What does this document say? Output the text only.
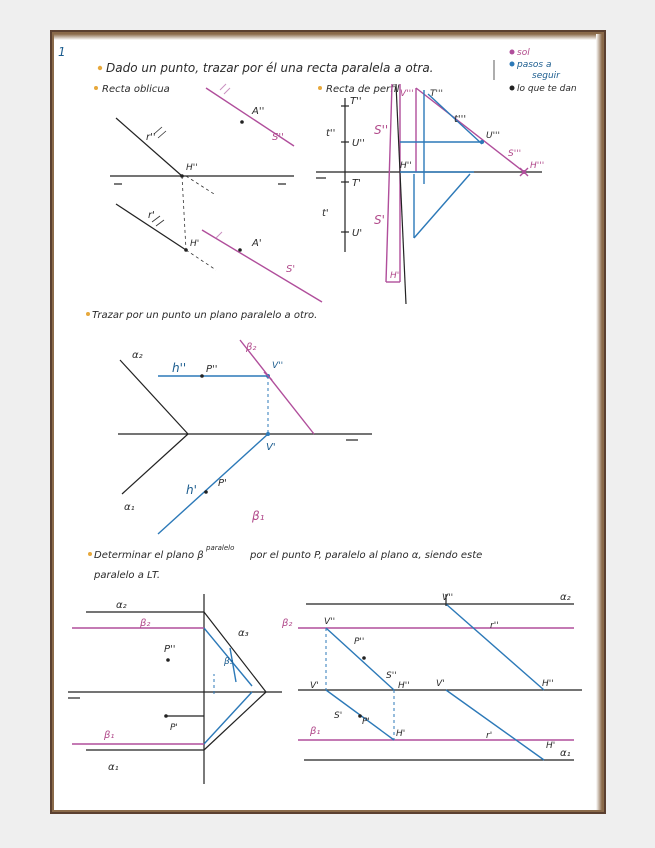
1
Dado un punto, trazar por él una recta paralela a otra.
sol
pasos a
seguir
lo que te dan
Recta oblicua
r''
A''
S''
H''
r'
H'	A'
S'
Recta de perfil
T''
T'''
V'''
t''
t'''
S''
U''
U'''
S'''
H'''
H''
T'
t'	S'
U'
H'
Trazar por un punto un plano paralelo a otro.
α₂
β₂
h'' P''	V''
V'
h' P'
α₁
β₁
Determinar el plano β
paralelo
por el punto P, paralelo al plano α, siendo este
paralelo a LT.
α₂
β₂
α₃
P''
β₃
P'
β₁
α₁
β₂	V''
V''	α₂
P''
r''
S''
H''
V'	V'	H''
β₁
S'
P'
H'	r'
H'
α₁
